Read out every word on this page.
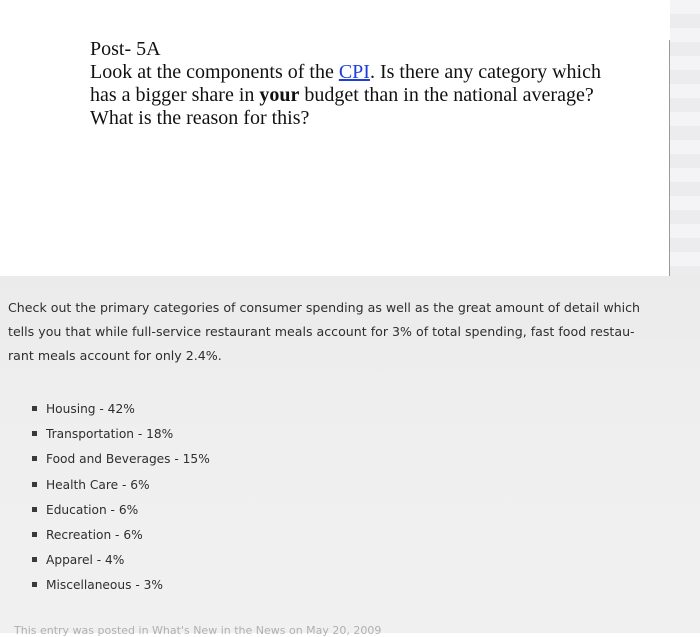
Post- 5A
Look at the components of the CPI. Is there any category which
has a bigger share in your budget than in the national average?
What is the reason for this?
Check out the primary categories of consumer spending as well as the great amount of detail which
tells you that while full-service restaurant meals account for 3% of total spending, fast food restau-
rant meals account for only 2.4%.
Housing - 42%
Transportation - 18%
Food and Beverages - 15%
Health Care - 6%
Education - 6%
Recreation - 6%
Apparel - 4%
Miscellaneous - 3%
This entry was posted in What's New in the News on May 20, 2009
